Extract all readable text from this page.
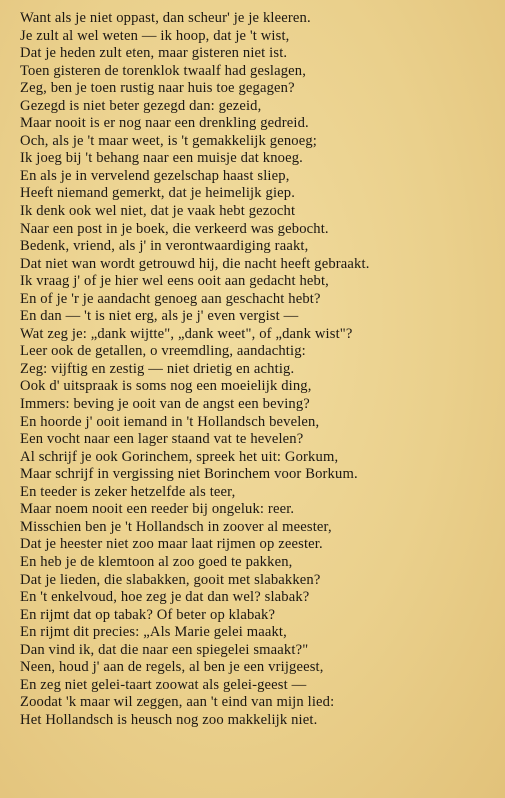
Want als je niet oppast, dan scheur' je je kleeren.
Je zult al wel weten — ik hoop, dat je 't wist,
Dat je heden zult eten, maar gisteren niet ist.
Toen gisteren de torenklok twaalf had geslagen,
Zeg, ben je toen rustig naar huis toe gegagen?
Gezegd is niet beter gezegd dan: gezeid,
Maar nooit is er nog naar een drenkling gedreid.
Och, als je 't maar weet, is 't gemakkelijk genoeg;
Ik joeg bij 't behang naar een muisje dat knoeg.
En als je in vervelend gezelschap haast sliep,
Heeft niemand gemerkt, dat je heimelijk giep.
Ik denk ook wel niet, dat je vaak hebt gezocht
Naar een post in je boek, die verkeerd was gebocht.
Bedenk, vriend, als j' in verontwaardiging raakt,
Dat niet wan wordt getrouwd hij, die nacht heeft gebraakt.
Ik vraag j' of je hier wel eens ooit aan gedacht hebt,
En of je 'r je aandacht genoeg aan geschacht hebt?
En dan — 't is niet erg, als je j' even vergist —
Wat zeg je: „dank wijtte", „dank weet", of „dank wist"?
Leer ook de getallen, o vreemdling, aandachtig:
Zeg: vijftig en zestig — niet drietig en achtig.
Ook d' uitspraak is soms nog een moeielijk ding,
Immers: beving je ooit van de angst een beving?
En hoorde j' ooit iemand in 't Hollandsch bevelen,
Een vocht naar een lager staand vat te hevelen?
Al schrijf je ook Gorinchem, spreek het uit: Gorkum,
Maar schrijf in vergissing niet Borinchem voor Borkum.
En teeder is zeker hetzelfde als teer,
Maar noem nooit een reeder bij ongeluk: reer.
Misschien ben je 't Hollandsch in zoover al meester,
Dat je heester niet zoo maar laat rijmen op zeester.
En heb je de klemtoon al zoo goed te pakken,
Dat je lieden, die slabakken, gooit met slabakken?
En 't enkelvoud, hoe zeg je dat dan wel? slabak?
En rijmt dat op tabak? Of beter op klabak?
En rijmt dit precies: „Als Marie gelei maakt,
Dan vind ik, dat die naar een spiegelei smaakt?"
Neen, houd j' aan de regels, al ben je een vrijgeest,
En zeg niet gelei-taart zoowat als gelei-geest —
Zoodat 'k maar wil zeggen, aan 't eind van mijn lied:
Het Hollandsch is heusch nog zoo makkelijk niet.
